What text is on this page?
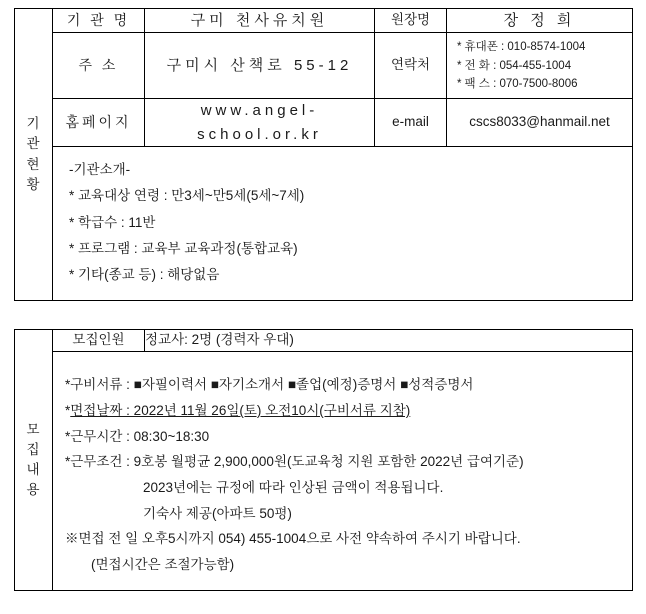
기
관
현
황	기 관 명	구미 천사유치원	원장명	장 정 희
	주 소	구미시 산책로 55-12	연락처	* 휴대폰 : 010-8574-1004
* 전 화 : 054-455-1004
* 팩 스 : 070-7500-8006

	홈페이지	www.angel-school.or.kr	e-mail	cscs8033@hanmail.net

	-기관소개-
* 교육대상 연령 : 만3세~만5세(5세~7세)
* 학급수 : 11반
* 프로그램 : 교육부 교육과정(통합교육)
* 기타(종교 등) : 해당없음			
모
집
내
용
	모집인원	정교사: 2명 (경력자 우대)

*구비서류 : ■자필이력서 ■자기소개서 ■졸업(예정)증명서 ■성적증명서
*면접날짜 : 2022년 11월 26일(토) 오전10시(구비서류 지참)
*근무시간 : 08:30~18:30
*근무조건 : 9호봉 월평균 2,900,000원(도교육청 지원 포함한 2022년 급여기준)
2023년에는 규정에 따라 인상된 금액이 적용됩니다.
기숙사 제공(아파트 50평)
※면접 전 일 오후5시까지 054) 455-1004으로 사전 약속하여 주시기 바랍니다.
(면접시간은 조절가능함)
